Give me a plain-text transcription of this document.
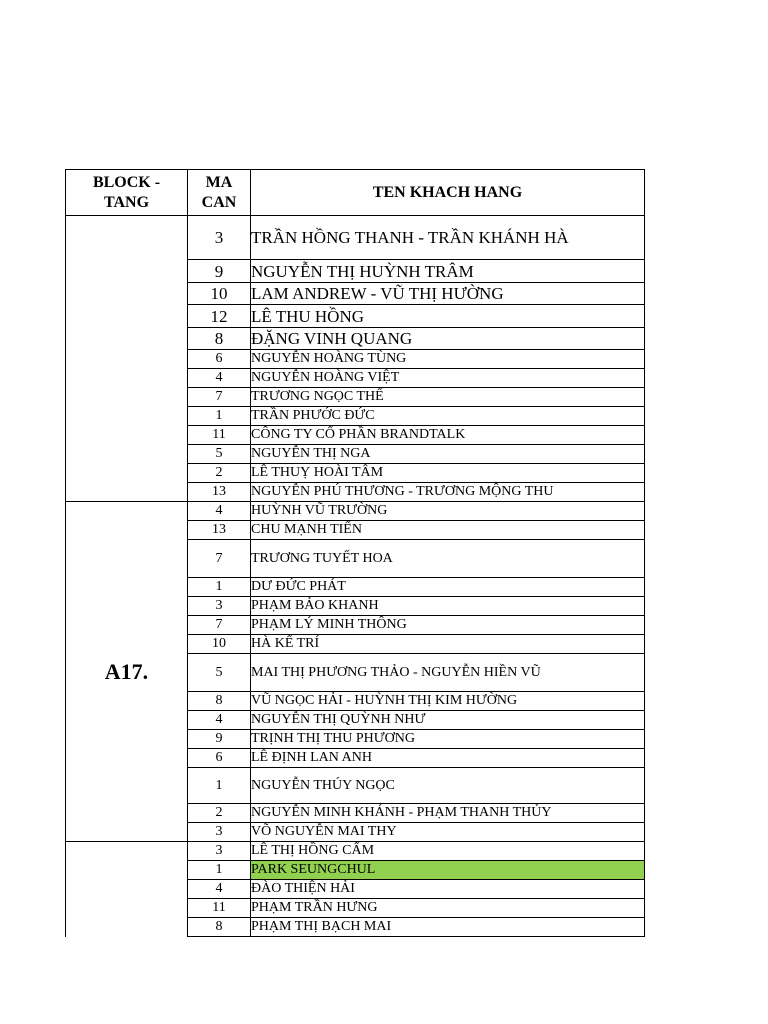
BLOCK - TANG	MA CAN	TEN KHACH HANG
	3	TRẦN HỒNG THANH - TRẦN KHÁNH HÀ
	9	NGUYỄN THỊ HUỲNH TRÂM
	10	LAM ANDREW - VŨ THỊ HƯỜNG
	12	LÊ THU HỒNG
	8	ĐẶNG VINH QUANG
	6	NGUYỄN HOÀNG TÙNG
	4	NGUYỄN HOÀNG VIỆT
	7	TRƯƠNG NGỌC THẾ
	1	TRẦN PHƯỚC ĐỨC
	11	CÔNG TY CỔ PHẦN BRANDTALK
	5	NGUYỄN THỊ NGA
	2	LÊ THUỴ HOÀI TÂM
	13	NGUYỄN PHÚ THƯƠNG - TRƯƠNG MỘNG THU
A17.	4	HUỲNH VŨ TRƯỜNG
	13	CHU MẠNH TIẾN
	7	TRƯƠNG TUYẾT HOA
	1	DƯ ĐỨC PHÁT
	3	PHẠM BẢO KHANH
	7	PHẠM LÝ MINH THÔNG
	10	HÀ KẾ TRÍ
	5	MAI THỊ PHƯƠNG THẢO - NGUYỄN HIỀN VŨ
	8	VŨ NGỌC HẢI - HUỲNH THỊ KIM HƯỜNG
	4	NGUYỄN THỊ QUỲNH NHƯ
	9	TRỊNH THỊ THU PHƯƠNG
	6	LÊ ĐỊNH LAN ANH
	1	NGUYỄN THÚY NGỌC
	2	NGUYỄN MINH KHÁNH - PHẠM THANH THỦY
	3	VÕ NGUYỄN MAI THY
	3	LÊ THỊ HỒNG CẨM
	1	PARK SEUNGCHUL
	4	ĐÀO THIỆN HẢI
	11	PHẠM TRẦN HƯNG
	8	PHẠM THỊ BẠCH MAI
